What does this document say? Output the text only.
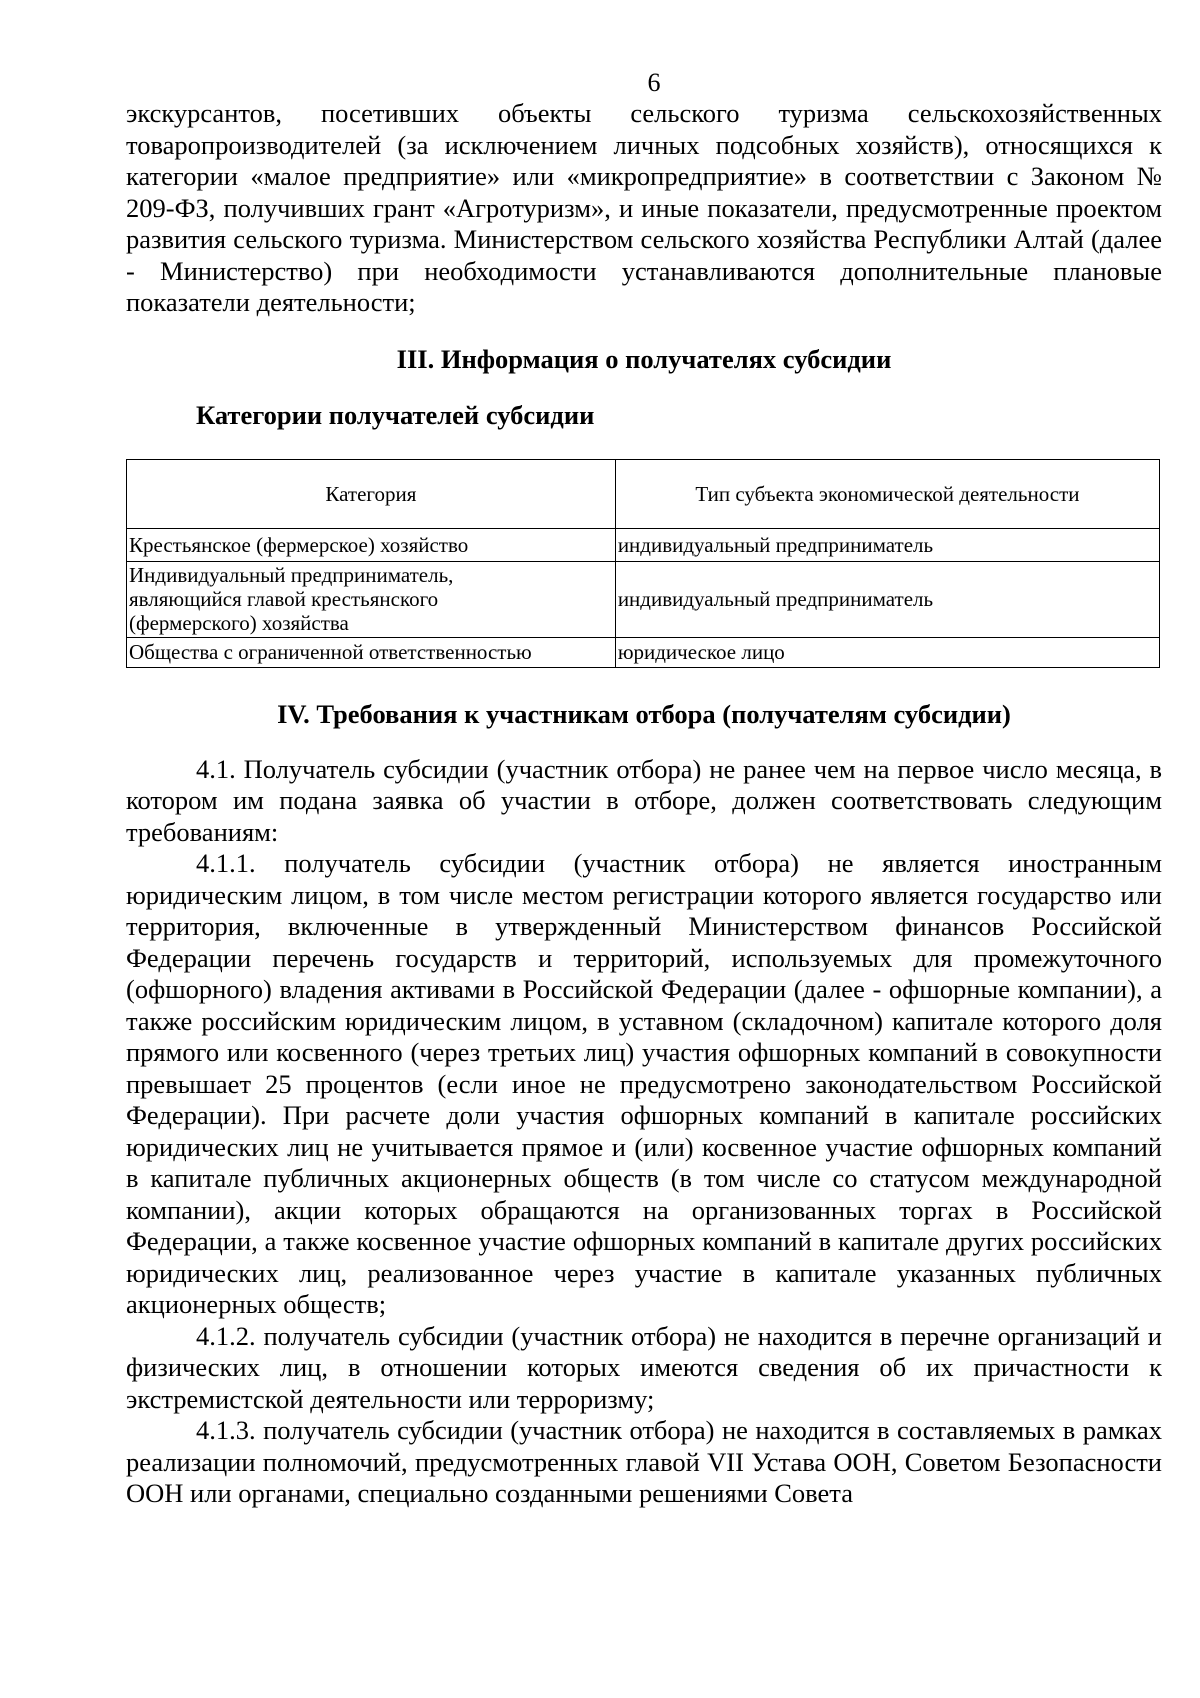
6

экскурсантов, посетивших объекты сельского туризма сельскохозяйственных товаропроизводителей (за исключением личных подсобных хозяйств), относящихся к категории «малое предприятие» или «микропредприятие» в соответствии с Законом № 209-ФЗ, получивших грант «Агротуризм», и иные показатели, предусмотренные проектом развития сельского туризма. Министерством сельского хозяйства Республики Алтай (далее - Министерство) при необходимости устанавливаются дополнительные плановые показатели деятельности;

III. Информация о получателях субсидии

Категории получателей субсидии

Категория	Тип субъекта экономической деятельности
Крестьянское (фермерское) хозяйство	индивидуальный предприниматель
Индивидуальный предприниматель, являющийся главой крестьянского (фермерского) хозяйства	индивидуальный предприниматель
Общества с ограниченной ответственностью	юридическое лицо

IV. Требования к участникам отбора (получателям субсидии)

4.1. Получатель субсидии (участник отбора) не ранее чем на первое число месяца, в котором им подана заявка об участии в отборе, должен соответствовать следующим требованиям:

4.1.1. получатель субсидии (участник отбора) не является иностранным юридическим лицом, в том числе местом регистрации которого является государство или территория, включенные в утвержденный Министерством финансов Российской Федерации перечень государств и территорий, используемых для промежуточного (офшорного) владения активами в Российской Федерации (далее - офшорные компании), а также российским юридическим лицом, в уставном (складочном) капитале которого доля прямого или косвенного (через третьих лиц) участия офшорных компаний в совокупности превышает 25 процентов (если иное не предусмотрено законодательством Российской Федерации). При расчете доли участия офшорных компаний в капитале российских юридических лиц не учитывается прямое и (или) косвенное участие офшорных компаний в капитале публичных акционерных обществ (в том числе со статусом международной компании), акции которых обращаются на организованных торгах в Российской Федерации, а также косвенное участие офшорных компаний в капитале других российских юридических лиц, реализованное через участие в капитале указанных публичных акционерных обществ;

4.1.2. получатель субсидии (участник отбора) не находится в перечне организаций и физических лиц, в отношении которых имеются сведения об их причастности к экстремистской деятельности или терроризму;

4.1.3. получатель субсидии (участник отбора) не находится в составляемых в рамках реализации полномочий, предусмотренных главой VII Устава ООН, Советом Безопасности ООН или органами, специально созданными решениями Совета
